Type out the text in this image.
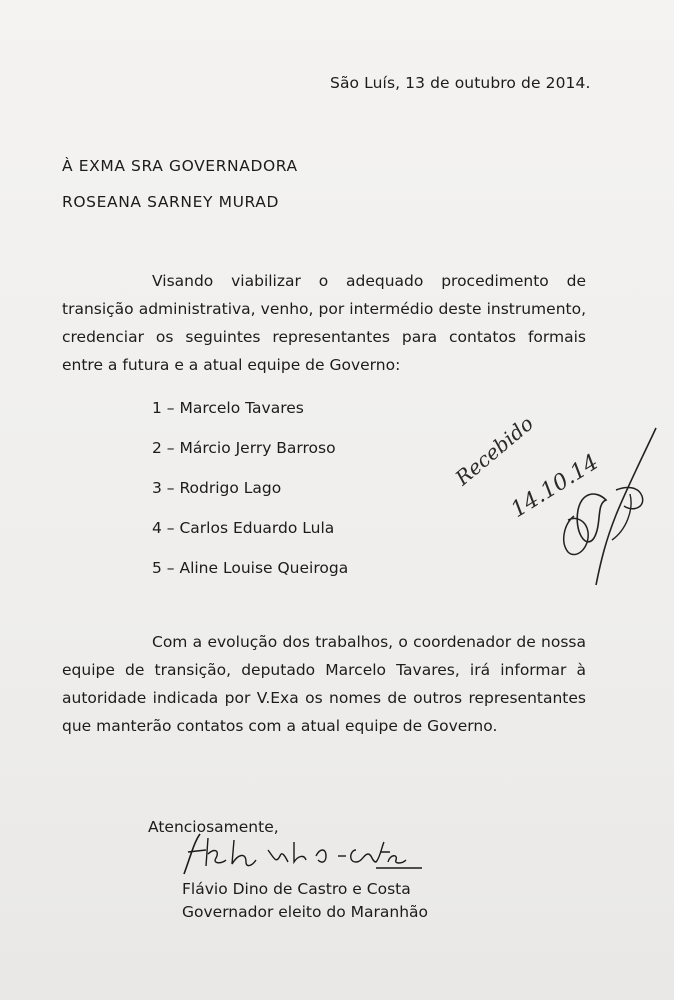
São Luís, 13 de outubro de 2014.
À EXMA SRA GOVERNADORA
ROSEANA SARNEY MURAD

Visando viabilizar o adequado procedimento de transição administrativa, venho, por intermédio deste instrumento, credenciar os seguintes representantes para contatos formais entre a futura e a atual equipe de Governo:

1 – Marcelo Tavares
2 – Márcio Jerry Barroso
3 – Rodrigo Lago
4 – Carlos Eduardo Lula
5 – Aline Louise Queiroga
Recebido
14.10.14

Com a evolução dos trabalhos, o coordenador de nossa equipe de transição, deputado Marcelo Tavares, irá informar à autoridade indicada por V.Exa os nomes de outros representantes que manterão contatos com a atual equipe de Governo.

Atenciosamente,
Flávio Dino de Castro e Costa
Governador eleito do Maranhão
